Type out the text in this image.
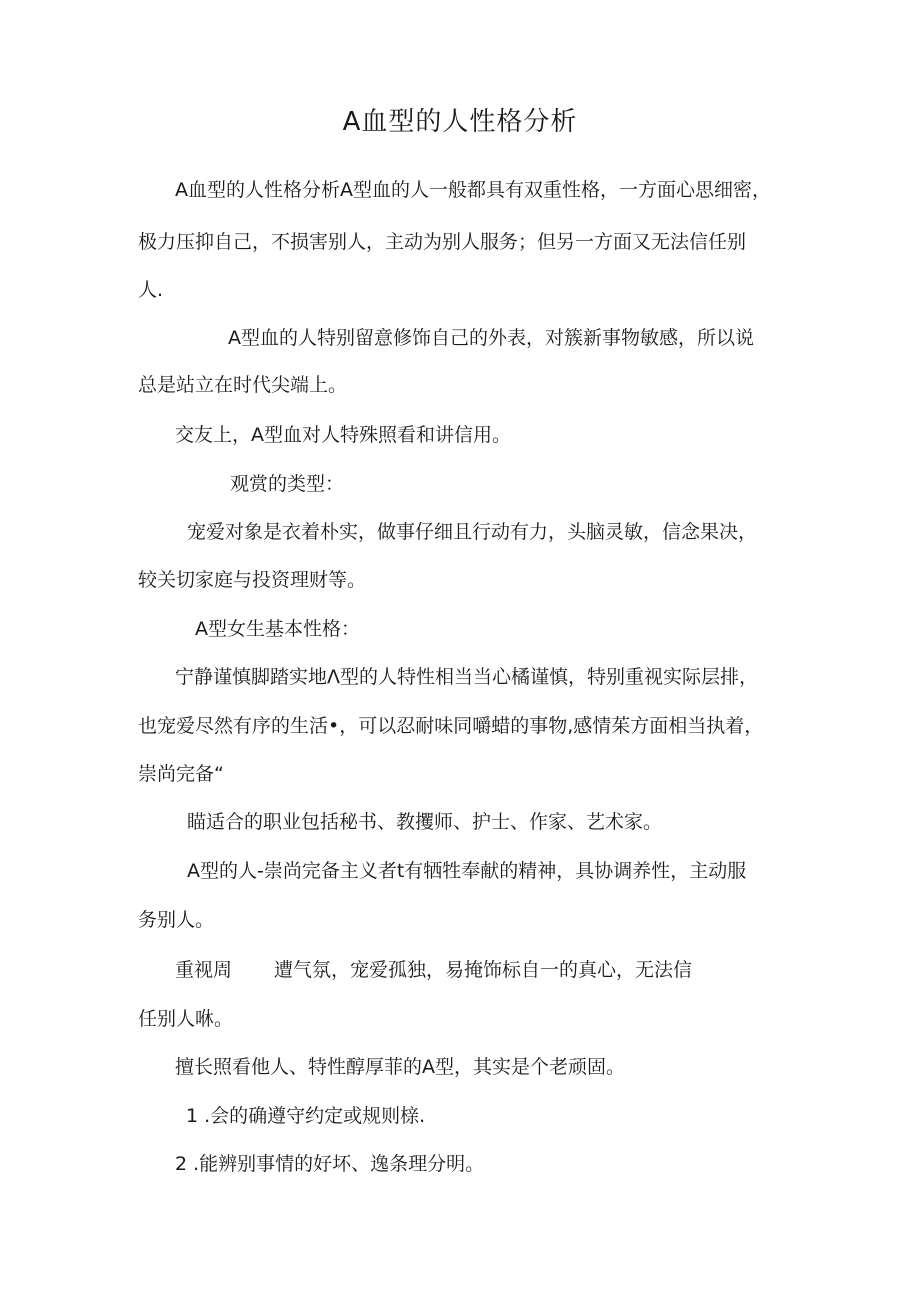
A血型的人性格分析
A血型的人性格分析A型血的人一般都具有双重性格，一方面心思细密，
极力压抑自己，不损害别人，主动为别人服务；但另一方面又无法信任别
人.
A型血的人特别留意修饰自己的外表，对簇新事物敏感，所以说
总是站立在时代尖端上。
交友上，A型血对人特殊照看和讲信用。
观赏的类型：
宠爱对象是衣着朴实，做事仔细且行动有力，头脑灵敏，信念果决，
较关切家庭与投资理财等。
A型女生基本性格：
宁静谨慎脚踏实地Λ型的人特性相当当心橘谨慎，特别重视实际层排，
也宠爱尽然有序的生活•，可以忍耐味同嚼蜡的事物,感情茱方面相当执着，
崇尚完备“
瞄适合的职业包括秘书、教攫师、护士、作家、艺术家。
A型的人-崇尚完备主义者t有牺牲奉献的精神，具协调养性，主动服
务别人。
重视周 遭气氛，宠爱孤独，易掩饰标自一的真心，无法信
任别人咻。
擅长照看他人、特性醇厚菲的A型，其实是个老顽固。
1 .会的确遵守约定或规则榇.
2 .能辨别事情的好坏、逸条理分明。
